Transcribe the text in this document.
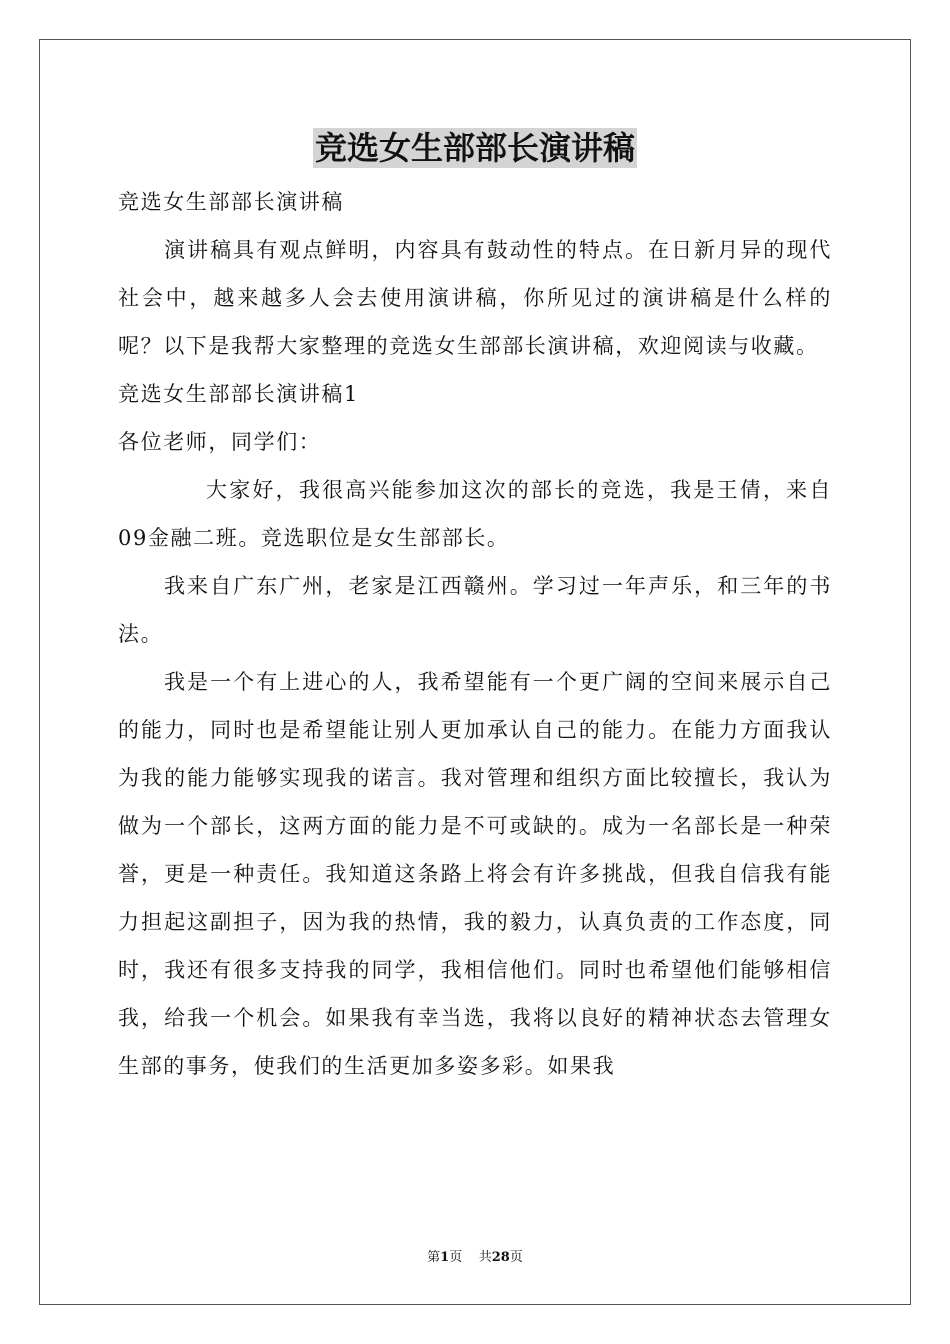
竞选女生部部长演讲稿

竞选女生部部长演讲稿

演讲稿具有观点鲜明，内容具有鼓动性的特点。在日新月异的现代社会中，越来越多人会去使用演讲稿，你所见过的演讲稿是什么样的呢？以下是我帮大家整理的竞选女生部部长演讲稿，欢迎阅读与收藏。

竞选女生部部长演讲稿1

各位老师，同学们：

大家好，我很高兴能参加这次的部长的竞选，我是王倩，来自09金融二班。竞选职位是女生部部长。

我来自广东广州，老家是江西赣州。学习过一年声乐，和三年的书法。

我是一个有上进心的人，我希望能有一个更广阔的空间来展示自己的能力，同时也是希望能让别人更加承认自己的能力。在能力方面我认为我的能力能够实现我的诺言。我对管理和组织方面比较擅长，我认为做为一个部长，这两方面的能力是不可或缺的。成为一名部长是一种荣誉，更是一种责任。我知道这条路上将会有许多挑战，但我自信我有能力担起这副担子，因为我的热情，我的毅力，认真负责的工作态度，同时，我还有很多支持我的同学，我相信他们。同时也希望他们能够相信我，给我一个机会。如果我有幸当选，我将以良好的精神状态去管理女生部的事务，使我们的生活更加多姿多彩。如果我

第1页 共28页
